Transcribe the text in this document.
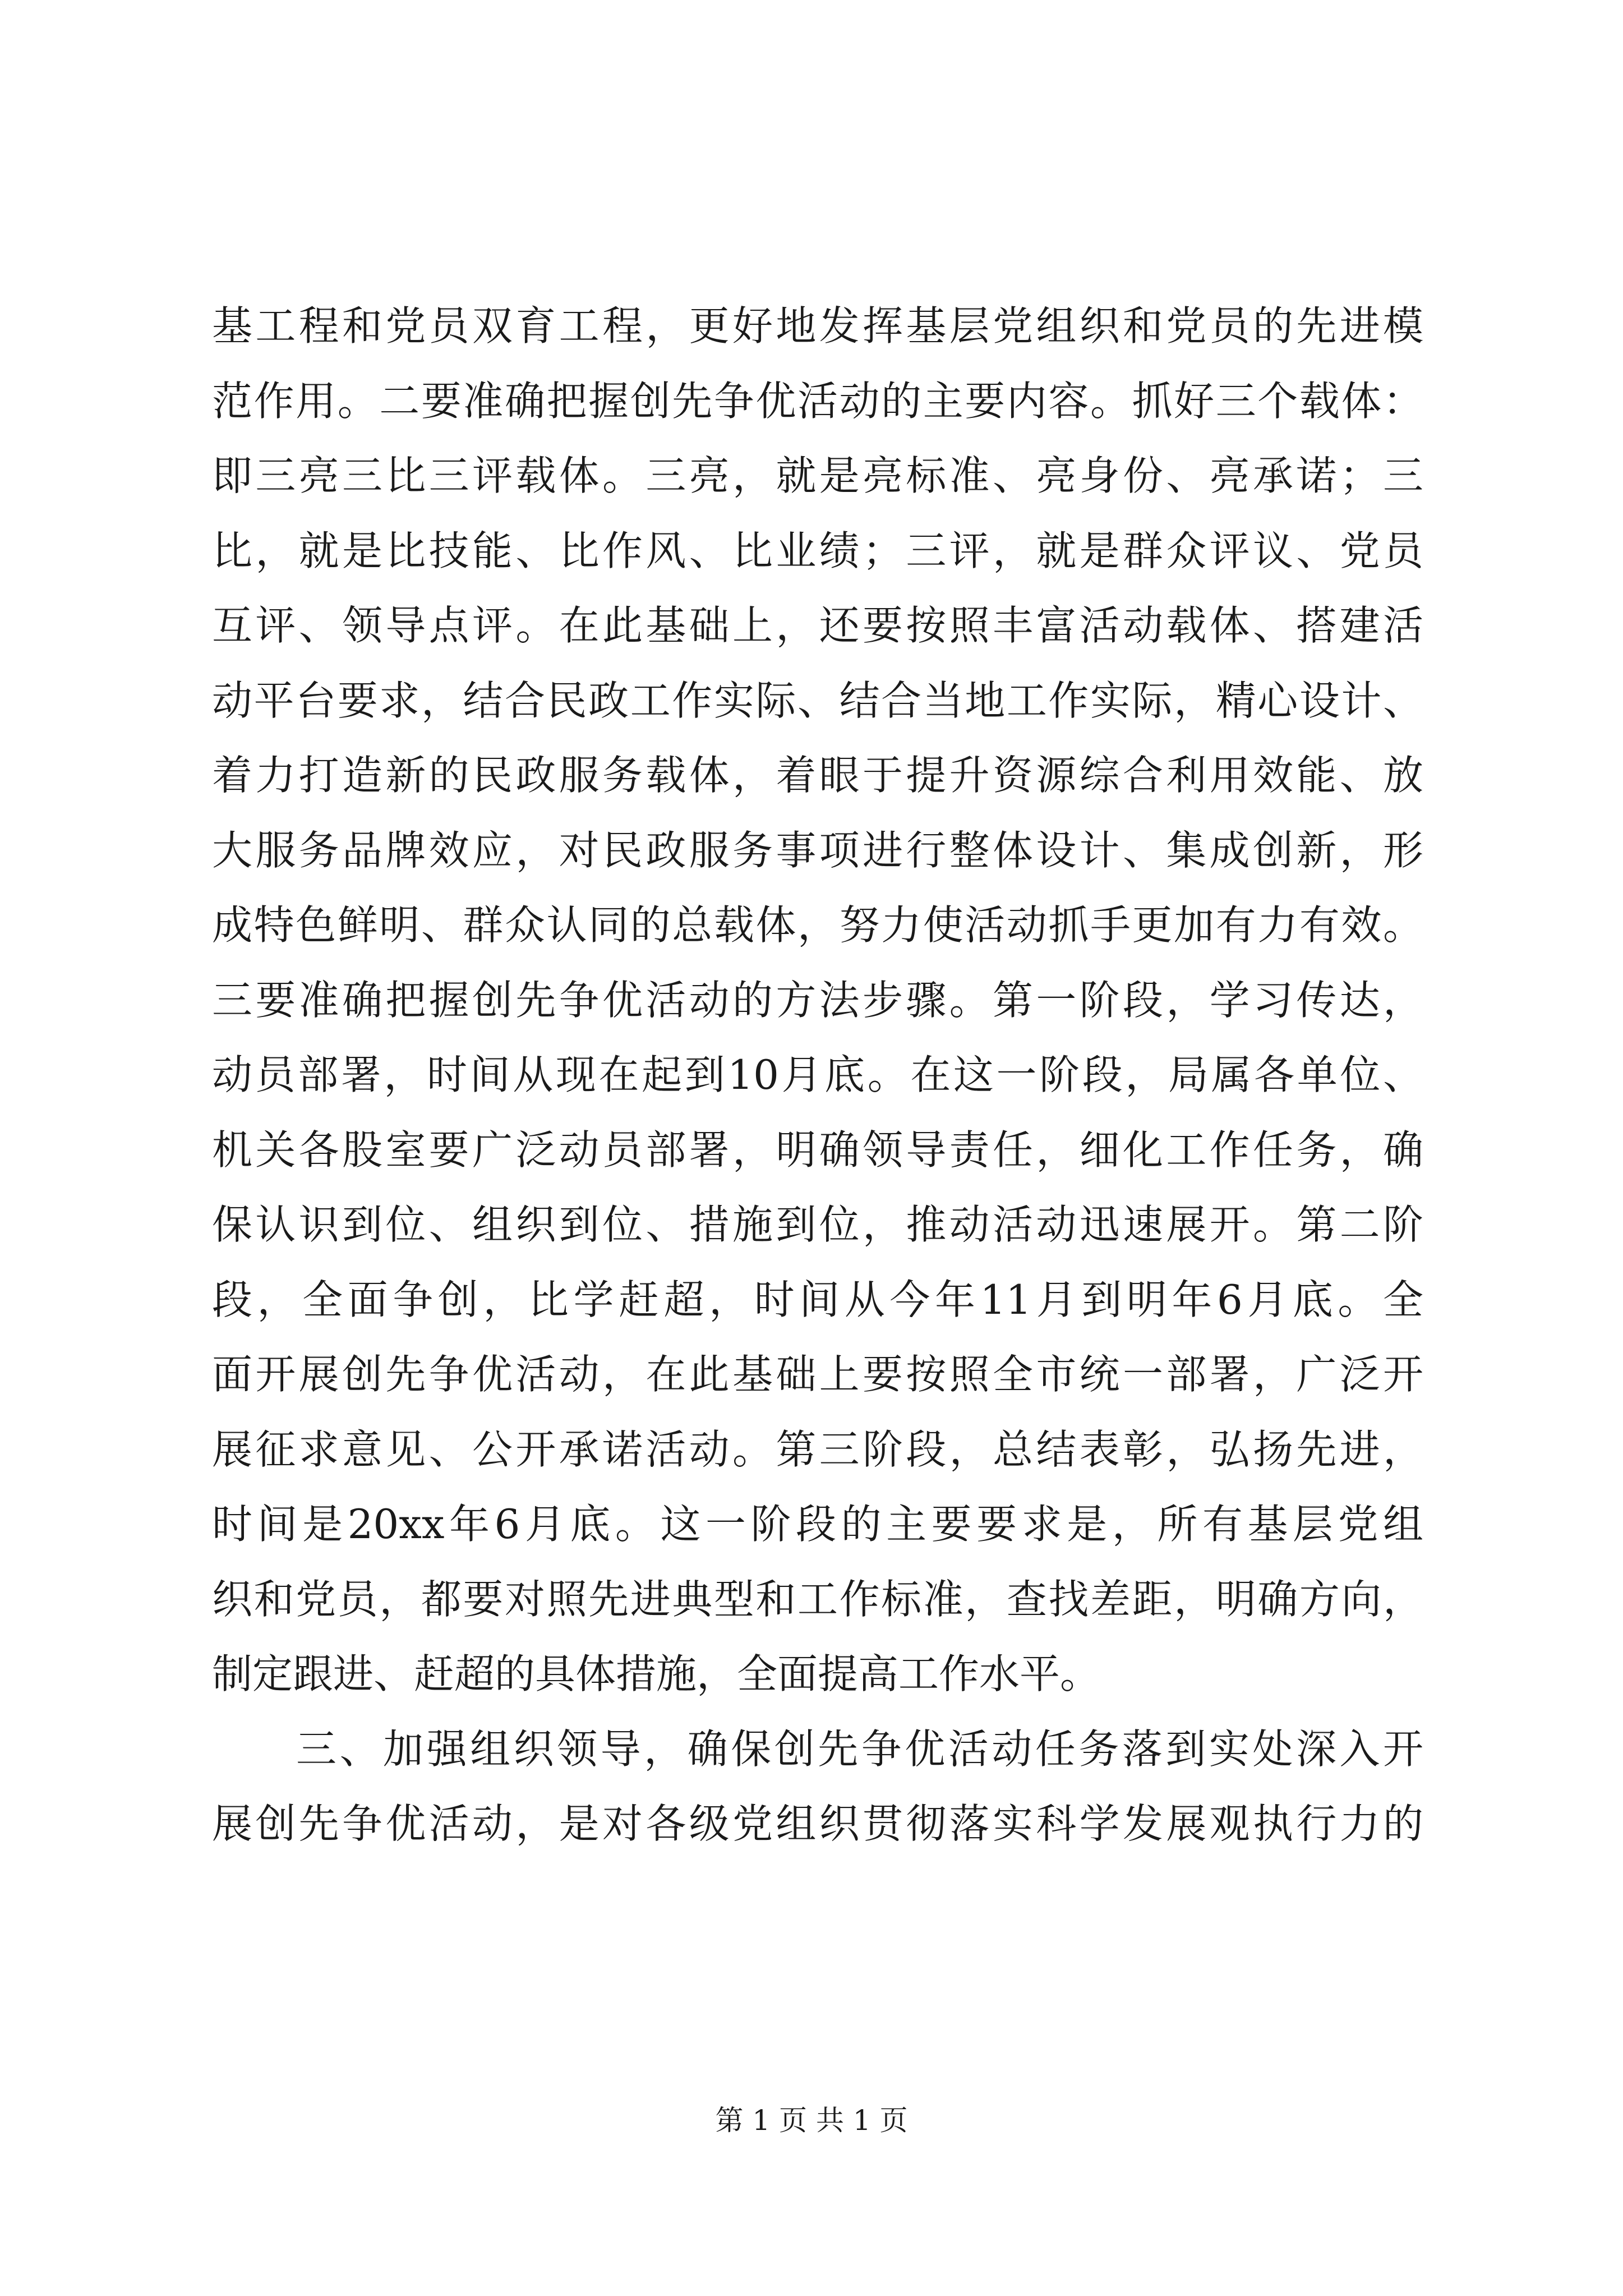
基工程和党员双育工程，更好地发挥基层党组织和党员的先进模
范作用。二要准确把握创先争优活动的主要内容。抓好三个载体：
即三亮三比三评载体。三亮，就是亮标准、亮身份、亮承诺；三
比，就是比技能、比作风、比业绩；三评，就是群众评议、党员
互评、领导点评。在此基础上，还要按照丰富活动载体、搭建活
动平台要求，结合民政工作实际、结合当地工作实际，精心设计、
着力打造新的民政服务载体，着眼于提升资源综合利用效能、放
大服务品牌效应，对民政服务事项进行整体设计、集成创新，形
成特色鲜明、群众认同的总载体，努力使活动抓手更加有力有效。
三要准确把握创先争优活动的方法步骤。第一阶段，学习传达，
动员部署，时间从现在起到10月底。在这一阶段，局属各单位、
机关各股室要广泛动员部署，明确领导责任，细化工作任务，确
保认识到位、组织到位、措施到位，推动活动迅速展开。第二阶
段，全面争创，比学赶超，时间从今年11月到明年6月底。全
面开展创先争优活动，在此基础上要按照全市统一部署，广泛开
展征求意见、公开承诺活动。第三阶段，总结表彰，弘扬先进，
时间是20xx年6月底。这一阶段的主要要求是，所有基层党组
织和党员，都要对照先进典型和工作标准，查找差距，明确方向，
制定跟进、赶超的具体措施，全面提高工作水平。
三、加强组织领导，确保创先争优活动任务落到实处深入开
展创先争优活动，是对各级党组织贯彻落实科学发展观执行力的
第 1 页 共 1 页
